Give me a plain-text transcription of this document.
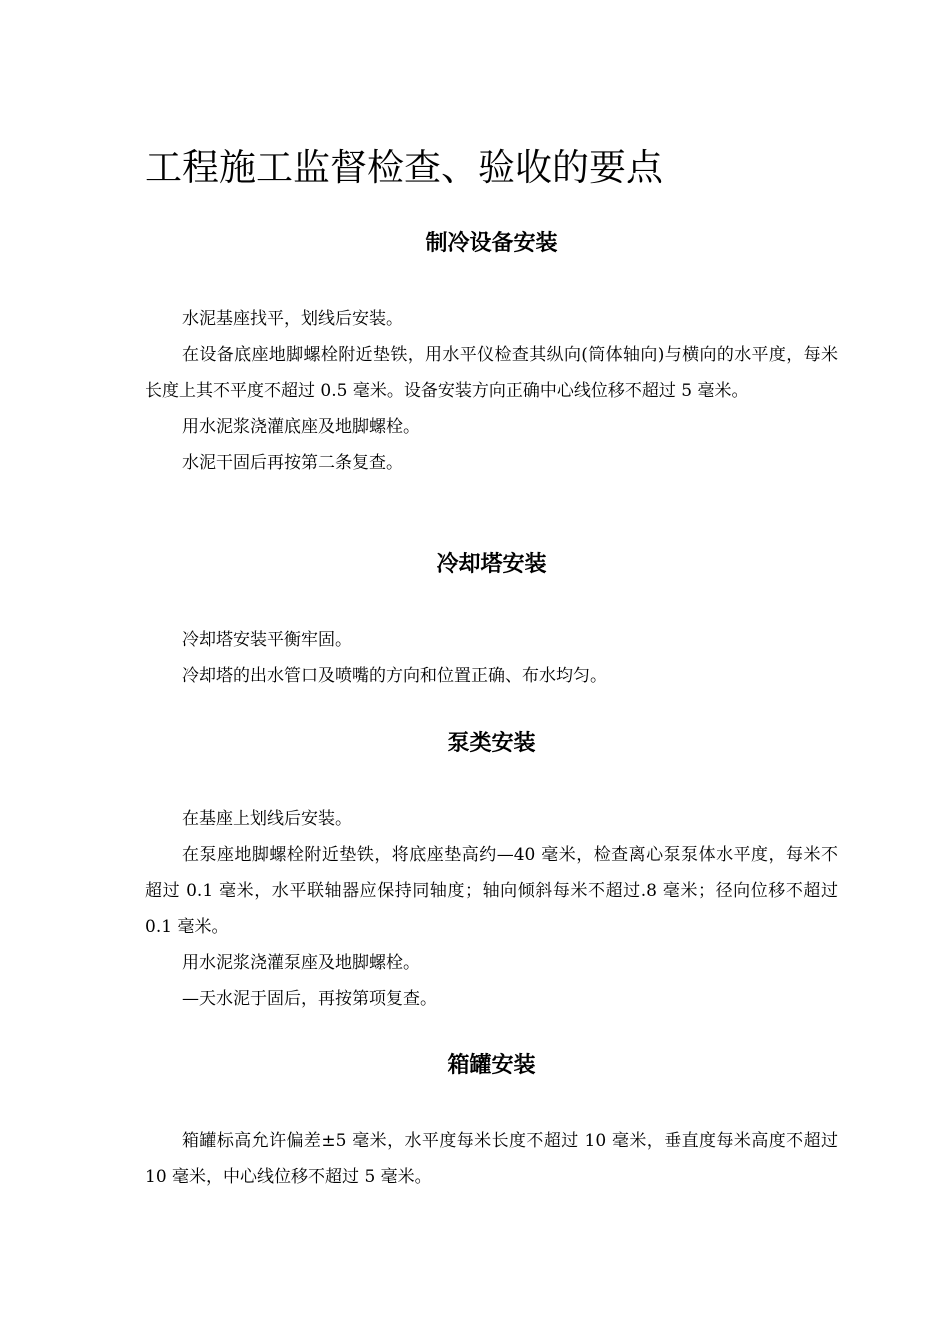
工程施工监督检查、验收的要点
制冷设备安装

水泥基座找平，划线后安装。

在设备底座地脚螺栓附近垫铁，用水平仪检查其纵向(筒体轴向)与横向的水平度，每米长度上其不平度不超过 0.5 毫米。设备安装方向正确中心线位移不超过 5 毫米。

用水泥浆浇灌底座及地脚螺栓。

水泥干固后再按第二条复查。

冷却塔安装

冷却塔安装平衡牢固。

冷却塔的出水管口及喷嘴的方向和位置正确、布水均匀。

泵类安装

在基座上划线后安装。

在泵座地脚螺栓附近垫铁，将底座垫高约—40 毫米，检查离心泵泵体水平度，每米不超过 0.1 毫米，水平联轴器应保持同轴度；轴向倾斜每米不超过.8 毫米；径向位移不超过 0.1 毫米。

用水泥浆浇灌泵座及地脚螺栓。

—天水泥于固后，再按第项复查。

箱罐安装

箱罐标高允许偏差±5 毫米，水平度每米长度不超过 10 毫米，垂直度每米高度不超过 10 毫米，中心线位移不超过 5 毫米。
